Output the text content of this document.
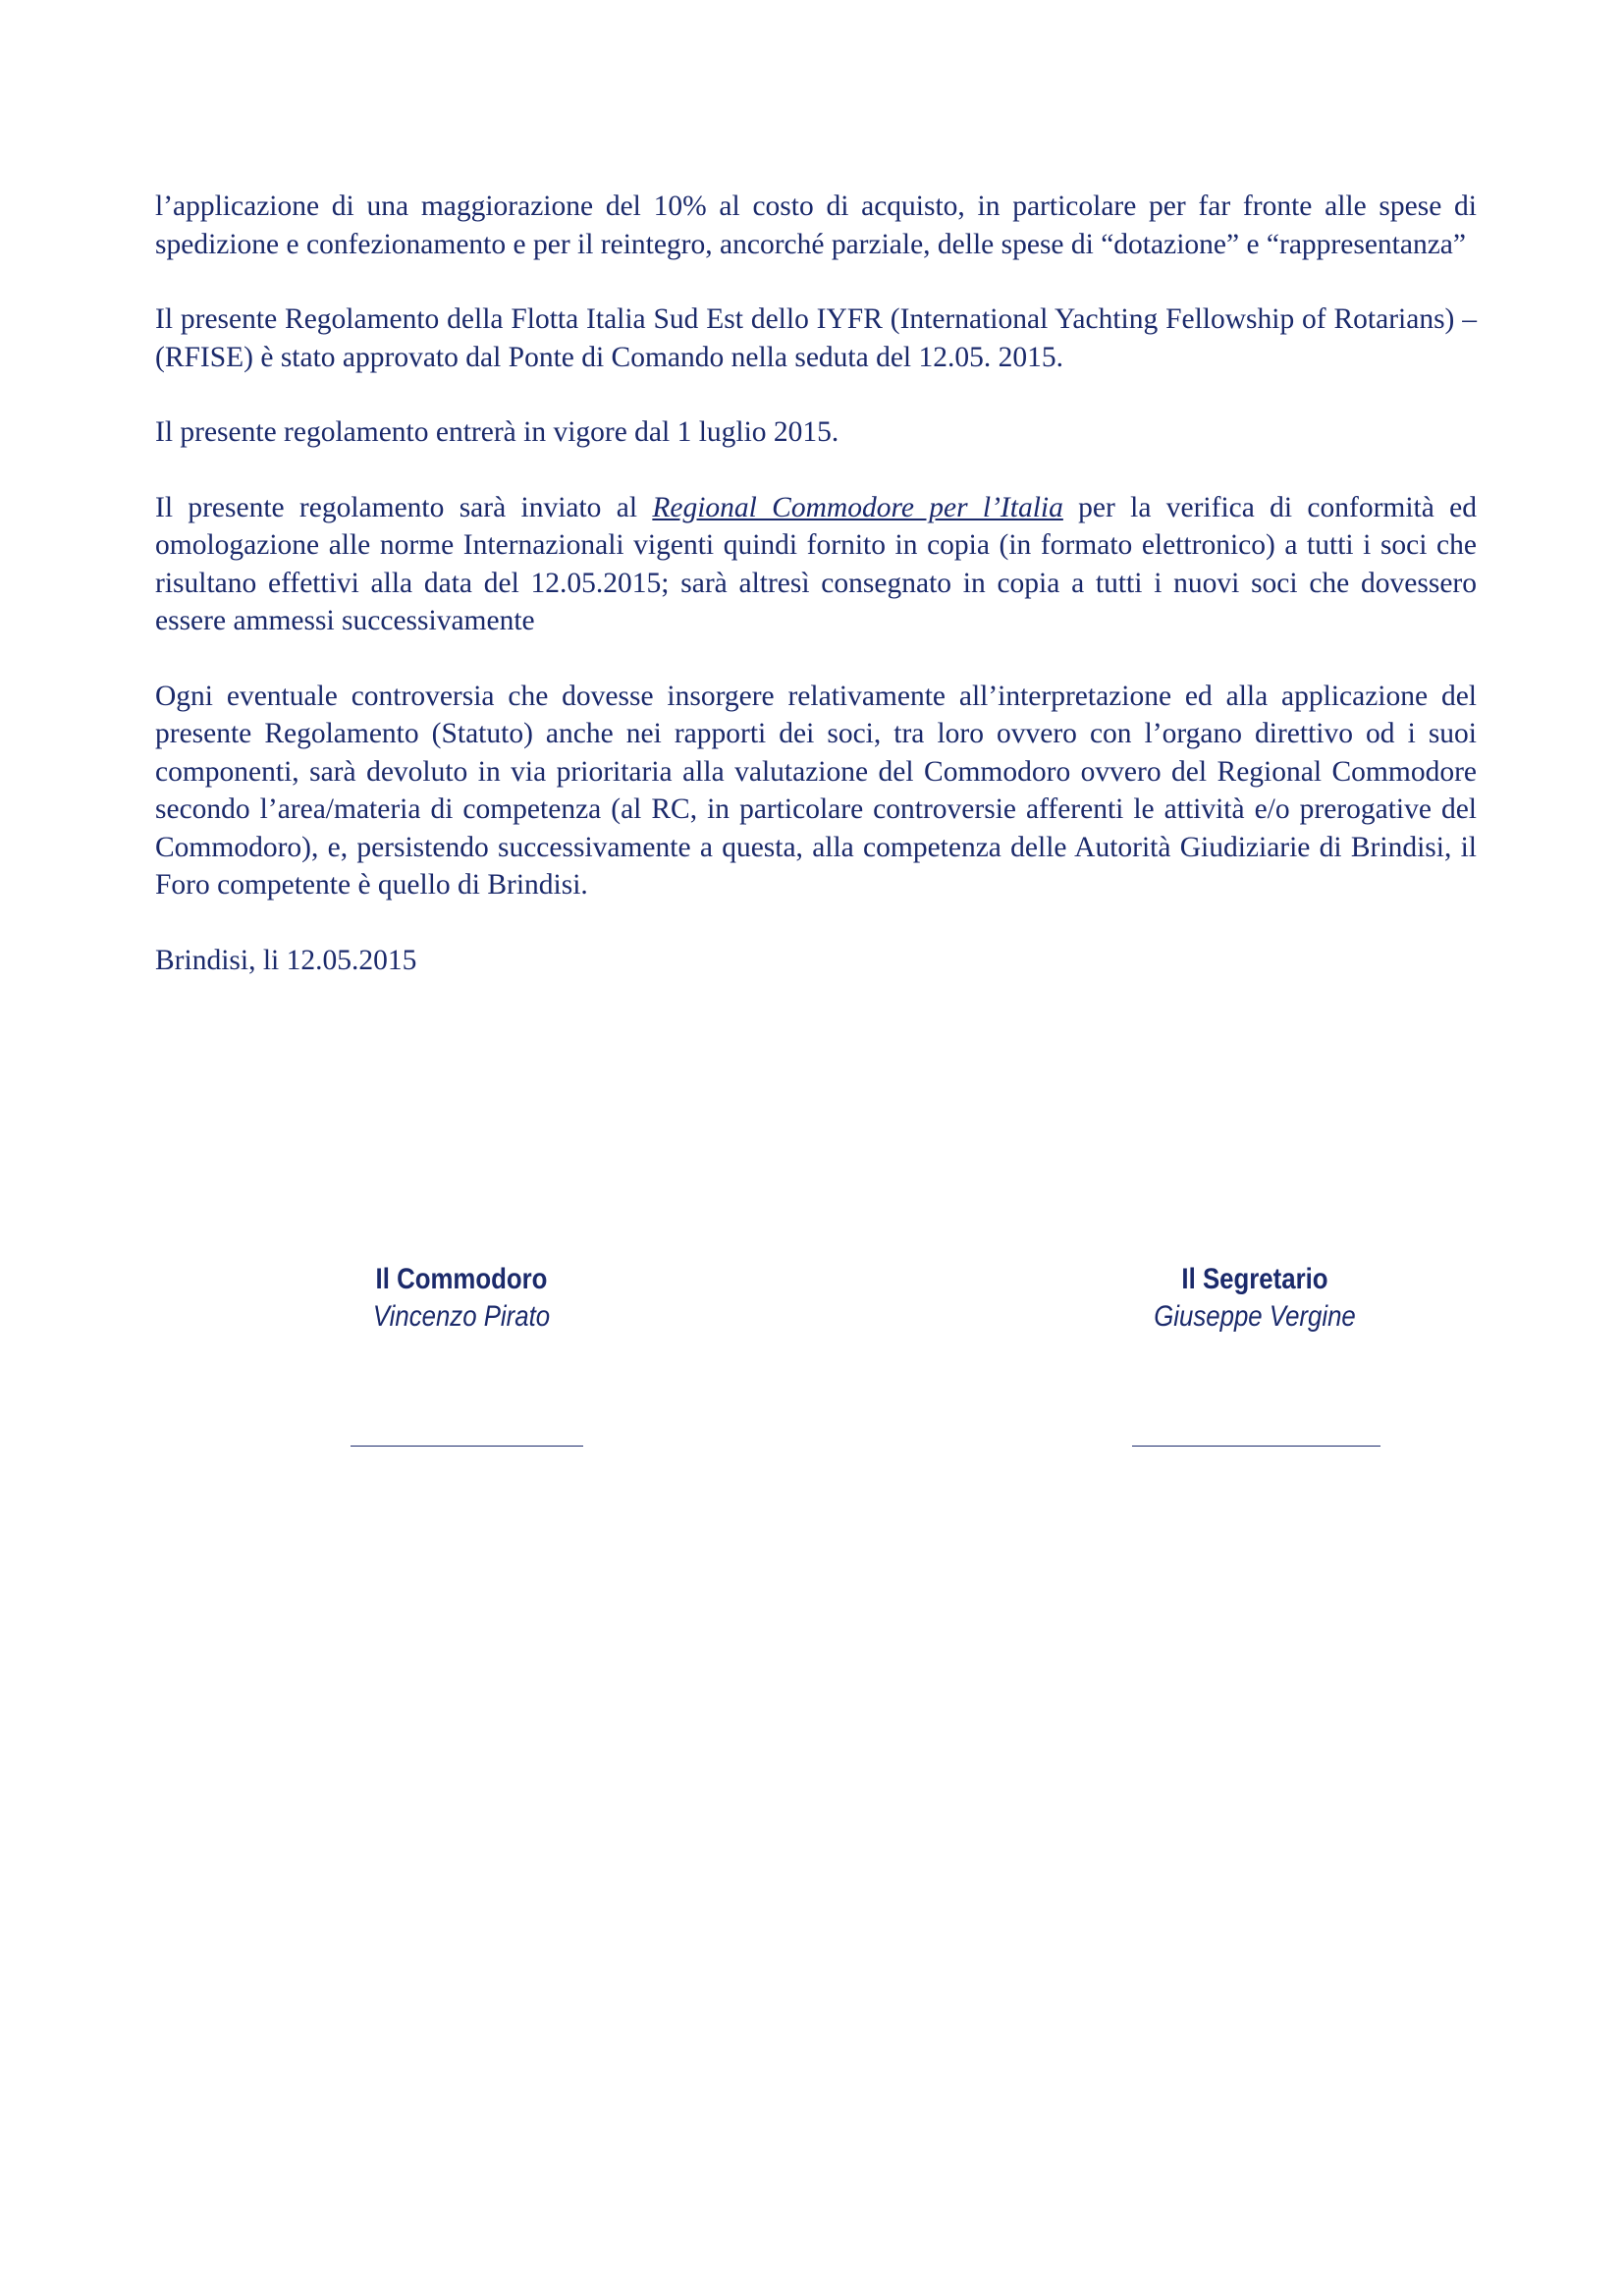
l’applicazione di una maggiorazione del 10% al costo di acquisto, in particolare per far fronte alle spese di spedizione e confezionamento e per il reintegro, ancorché parziale, delle spese di “dotazione” e “rappresentanza”

Il presente Regolamento della Flotta Italia Sud Est dello IYFR (International Yachting Fellowship of Rotarians) – (RFISE) è stato approvato dal Ponte di Comando nella seduta del 12.05. 2015.

Il presente regolamento entrerà in vigore dal 1 luglio 2015.

Il presente regolamento sarà inviato al Regional Commodore per l’Italia per la verifica di conformità ed omologazione alle norme Internazionali vigenti quindi fornito in copia (in formato elettronico) a tutti i soci che risultano effettivi alla data del 12.05.2015; sarà altresì consegnato in copia a tutti i nuovi soci che dovessero essere ammessi successivamente

Ogni eventuale controversia che dovesse insorgere relativamente all’interpretazione ed alla applicazione del presente Regolamento (Statuto) anche nei rapporti dei soci, tra loro ovvero con l’organo direttivo od i suoi componenti, sarà devoluto in via prioritaria alla valutazione del Commodoro ovvero del Regional Commodore secondo l’area/materia di competenza (al RC, in particolare controversie afferenti le attività e/o prerogative del Commodoro), e, persistendo successivamente a questa, alla competenza delle Autorità Giudiziarie di Brindisi, il Foro competente è quello di Brindisi.

Brindisi, li 12.05.2015

Il Commodoro
Vincenzo Pirato
Il Segretario
Giuseppe Vergine
